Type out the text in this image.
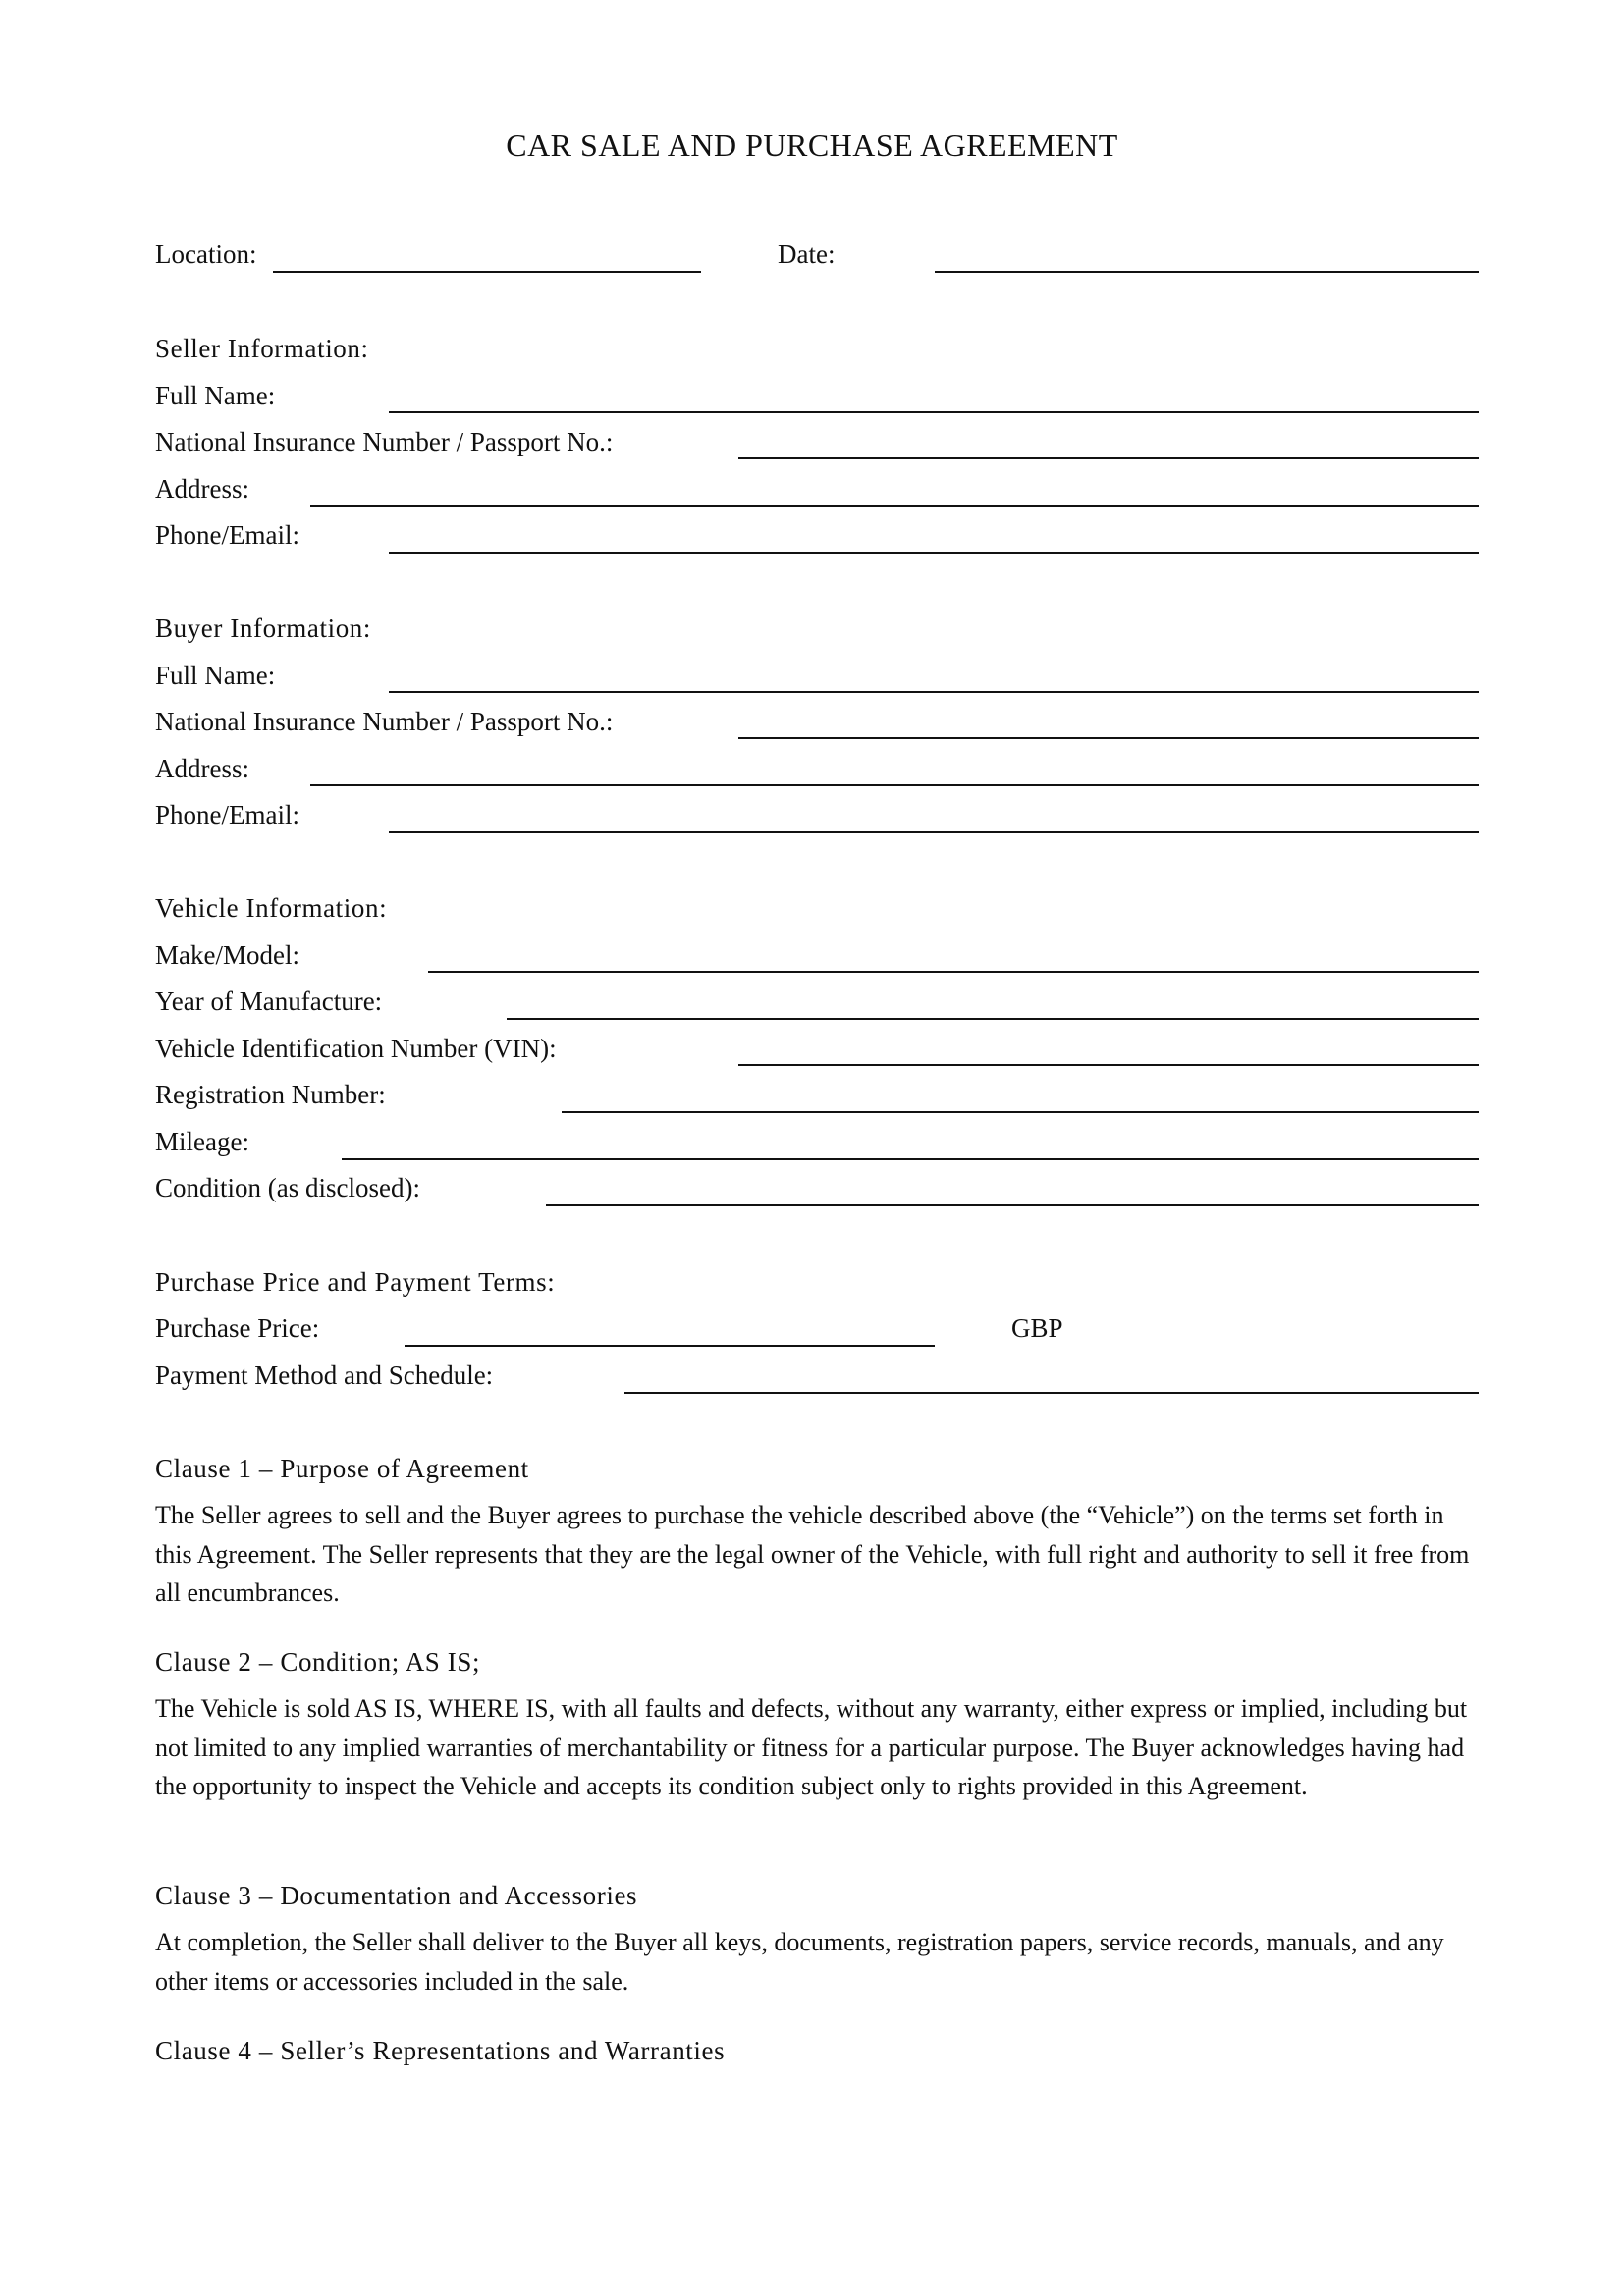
CAR SALE AND PURCHASE AGREEMENT
Location:	Date:
Seller Information:
Full Name:
National Insurance Number / Passport No.:
Address:
Phone/Email:
Buyer Information:
Full Name:
National Insurance Number / Passport No.:
Address:
Phone/Email:
Vehicle Information:
Make/Model:
Year of Manufacture:
Vehicle Identification Number (VIN):
Registration Number:
Mileage:
Condition (as disclosed):
Purchase Price and Payment Terms:
Purchase Price:	GBP
Payment Method and Schedule:
Clause 1 – Purpose of Agreement
The Seller agrees to sell and the Buyer agrees to purchase the vehicle described above (the “Vehicle”) on the terms set forth in this Agreement. The Seller represents that they are the legal owner of the Vehicle, with full right and authority to sell it free from all encumbrances.
Clause 2 – Condition; AS IS;
The Vehicle is sold AS IS, WHERE IS, with all faults and defects, without any warranty, either express or implied, including but not limited to any implied warranties of merchantability or fitness for a particular purpose. The Buyer acknowledges having had the opportunity to inspect the Vehicle and accepts its condition subject only to rights provided in this Agreement.
Clause 3 – Documentation and Accessories
At completion, the Seller shall deliver to the Buyer all keys, documents, registration papers, service records, manuals, and any other items or accessories included in the sale.
Clause 4 – Seller’s Representations and Warranties
